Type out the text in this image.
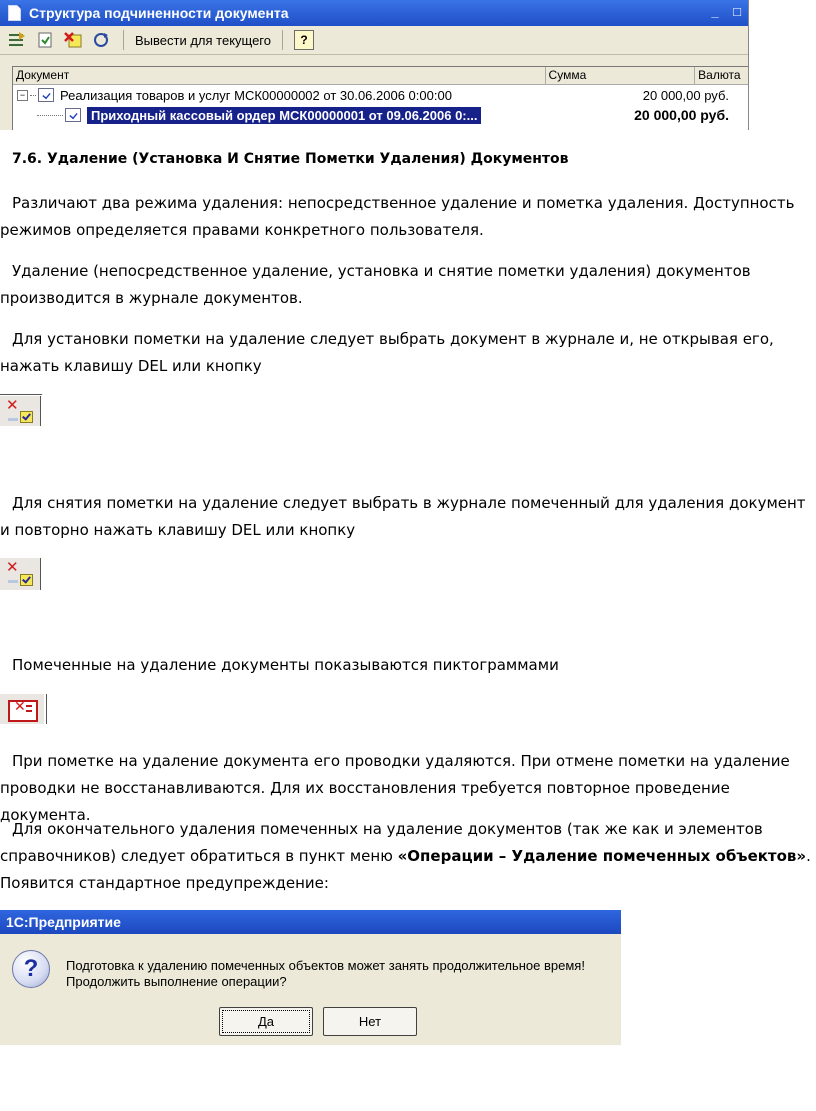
Структура подчиненности документа	_ □
Вывести для текущего	?
Документ	Сумма	Валюта
−	Реализация товаров и услуг МСК00000002 от 30.06.2006 0:00:00	20 000,00 руб.
Приходный кассовый ордер МСК00000001 от 09.06.2006 0:...	20 000,00 руб.
7.6. Удаление (Установка И Снятие Пометки Удаления) Документов
Различают два режима удаления: непосредственное удаление и пометка удаления. Доступность режимов определяется правами конкретного пользователя.
Удаление (непосредственное удаление, установка и снятие пометки удаления) документов производится в журнале документов.
Для установки пометки на удаление следует выбрать документ в журнале и, не открывая его, нажать клавишу DEL или кнопку
✕
Для снятия пометки на удаление следует выбрать в журнале помеченный для удаления документ и повторно нажать клавишу DEL или кнопку
✕
Помеченные на удаление документы показываются пиктограммами
✕
При пометке на удаление документа его проводки удаляются. При отмене пометки на удаление проводки не восстанавливаются. Для их восстановления требуется повторное проведение документа.
Для окончательного удаления помеченных на удаление документов (так же как и элементов справочников) следует обратиться в пункт меню «Операции – Удаление помеченных объектов». Появится стандартное предупреждение:
1С:Предприятие
?	Подготовка к удалению помеченных объектов может занять продолжительное время!
Продолжить выполнение операции?
Да	Нет
